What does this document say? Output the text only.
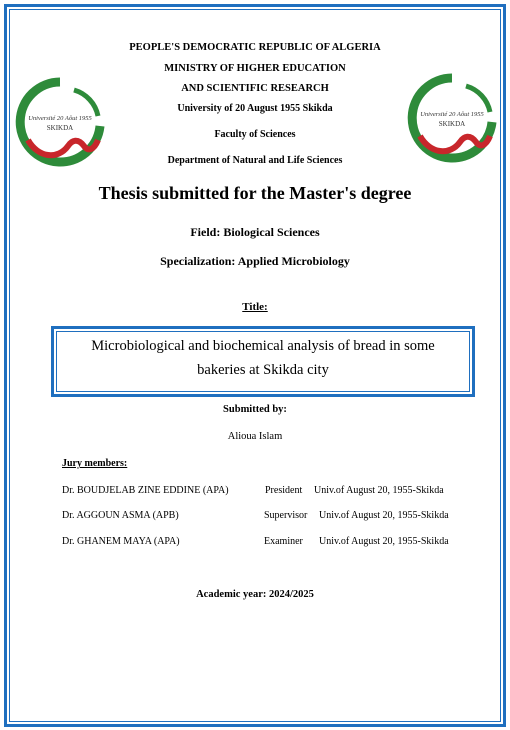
Université 20 Aôut 1955
SKIKDA
Université 20 Aôut 1955
SKIKDA
PEOPLE'S DEMOCRATIC REPUBLIC OF ALGERIA
MINISTRY OF HIGHER EDUCATION
AND SCIENTIFIC RESEARCH
University of 20 August 1955 Skikda
Faculty of Sciences
Department of Natural and Life Sciences
Thesis submitted for the Master's degree
Field: Biological Sciences
Specialization: Applied Microbiology
Title:
Microbiological and biochemical analysis of bread in some
bakeries at Skikda city
Submitted by:
Alioua Islam
Jury members:
Dr. BOUDJELAB ZINE EDDINE (APA)	President Univ.of August 20, 1955-Skikda
Dr. AGGOUN ASMA (APB)	Supervisor Univ.of August 20, 1955-Skikda
Dr. GHANEM MAYA (APA)	Examiner Univ.of August 20, 1955-Skikda
Academic year: 2024/2025
